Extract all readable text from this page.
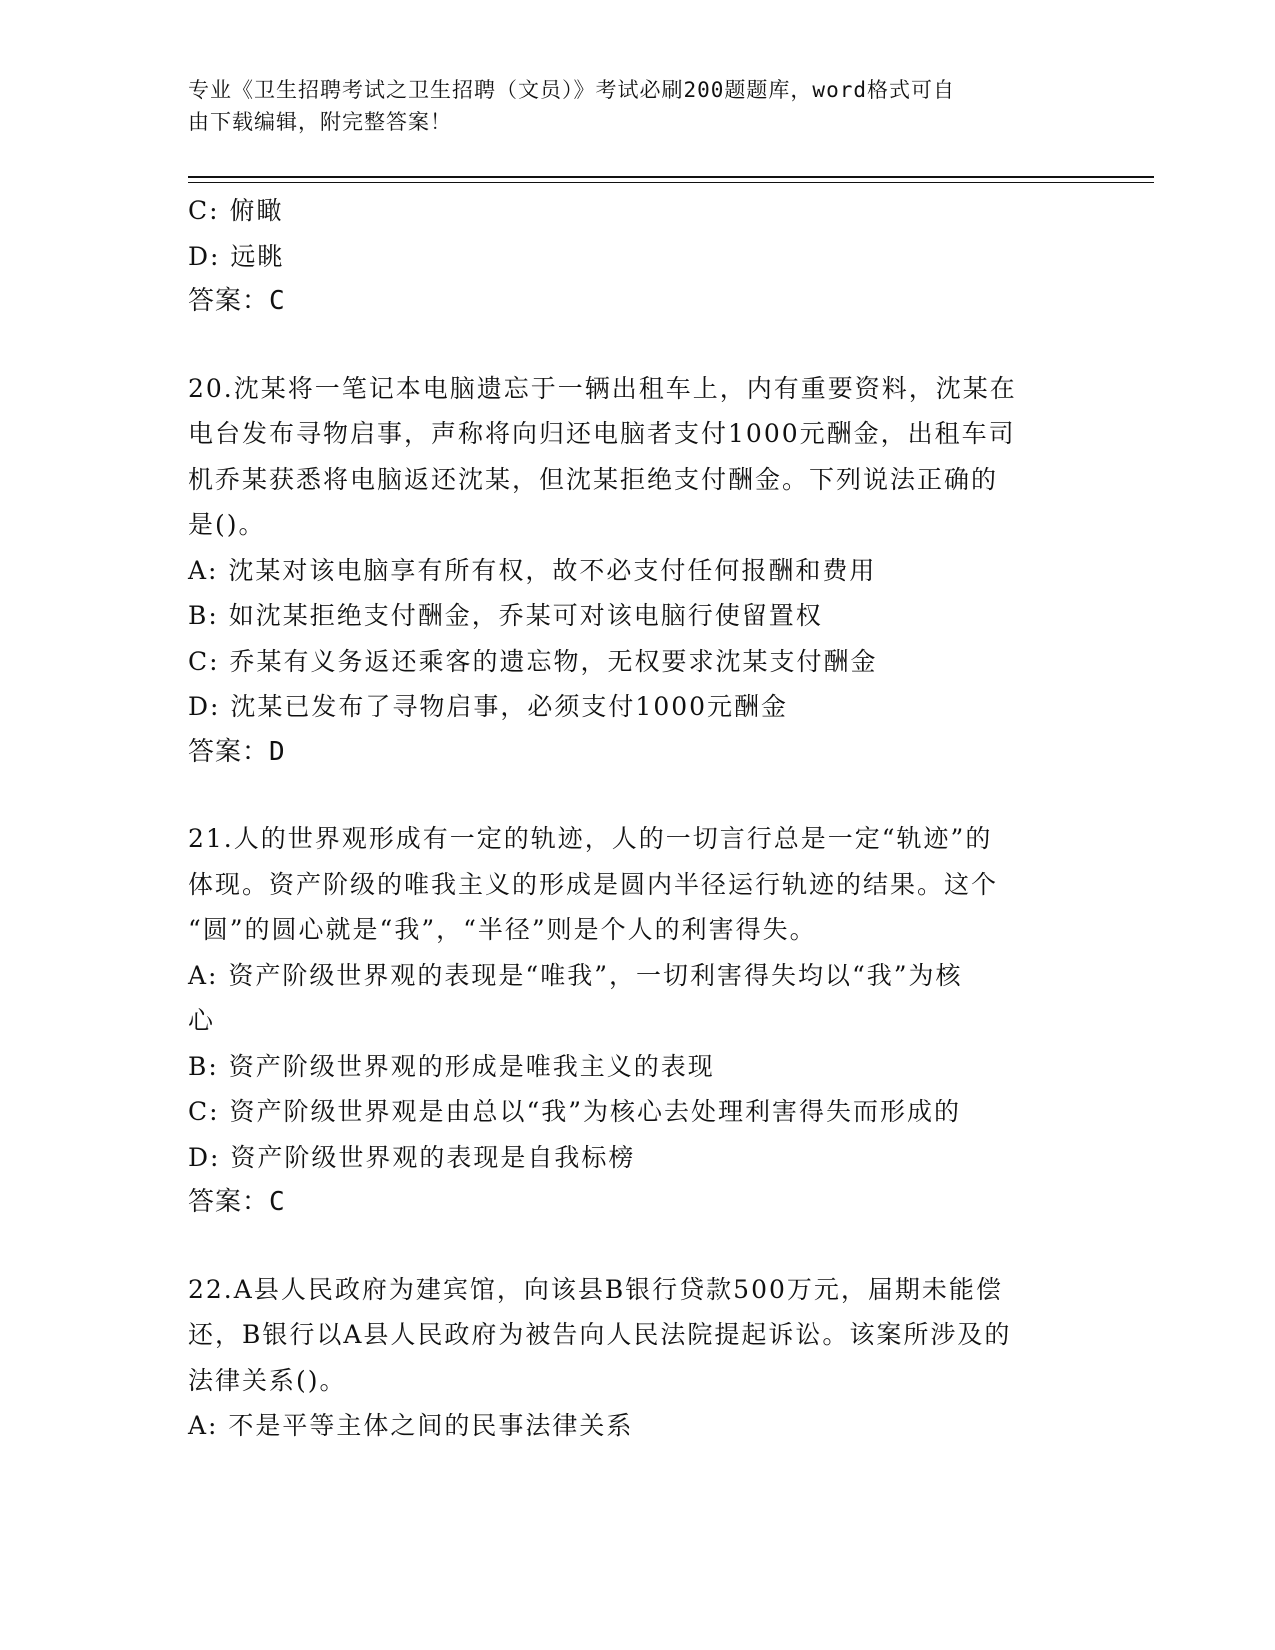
专业《卫生招聘考试之卫生招聘（文员）》考试必刷200题题库，word格式可自
由下载编辑，附完整答案！
C: 俯瞰
D: 远眺
答案：C
20.沈某将一笔记本电脑遗忘于一辆出租车上，内有重要资料，沈某在
电台发布寻物启事，声称将向归还电脑者支付1000元酬金，出租车司
机乔某获悉将电脑返还沈某，但沈某拒绝支付酬金。下列说法正确的
是()。
A: 沈某对该电脑享有所有权，故不必支付任何报酬和费用
B: 如沈某拒绝支付酬金，乔某可对该电脑行使留置权
C: 乔某有义务返还乘客的遗忘物，无权要求沈某支付酬金
D: 沈某已发布了寻物启事，必须支付1000元酬金
答案：D
21.人的世界观形成有一定的轨迹，人的一切言行总是一定“轨迹”的
体现。资产阶级的唯我主义的形成是圆内半径运行轨迹的结果。这个
“圆”的圆心就是“我”，“半径”则是个人的利害得失。
A: 资产阶级世界观的表现是“唯我”，一切利害得失均以“我”为核
心
B: 资产阶级世界观的形成是唯我主义的表现
C: 资产阶级世界观是由总以“我”为核心去处理利害得失而形成的
D: 资产阶级世界观的表现是自我标榜
答案：C
22.A县人民政府为建宾馆，向该县B银行贷款500万元，届期未能偿
还，B银行以A县人民政府为被告向人民法院提起诉讼。该案所涉及的
法律关系()。
A: 不是平等主体之间的民事法律关系
